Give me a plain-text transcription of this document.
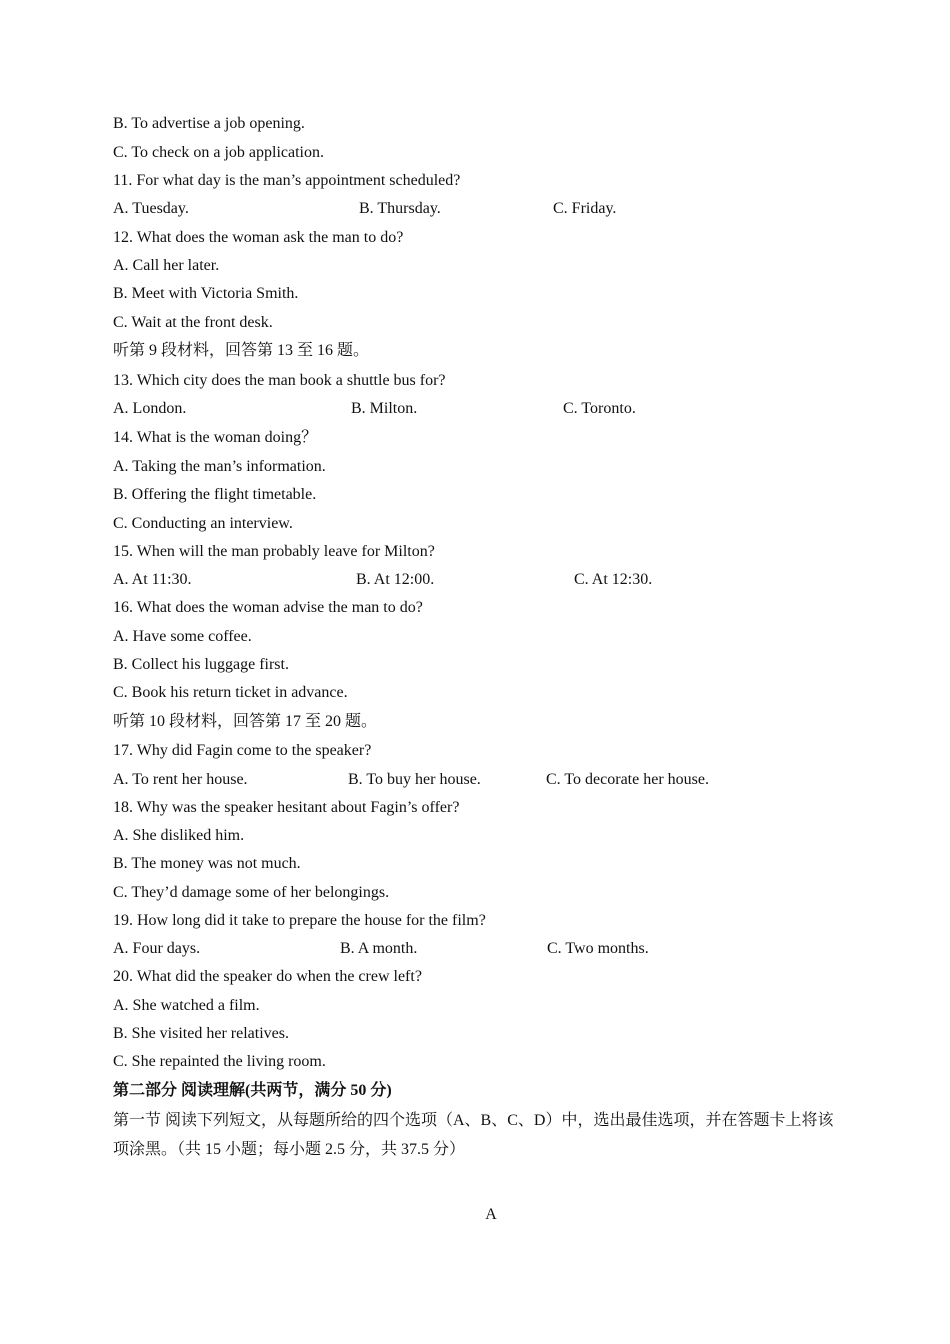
B. To advertise a job opening.
C. To check on a job application.
11. For what day is the man’s appointment scheduled?
A. Tuesday.	B. Thursday.	C. Friday.
12. What does the woman ask the man to do?
A. Call her later.
B. Meet with Victoria Smith.
C. Wait at the front desk.
听第 9 段材料，回答第 13 至 16 题。
13. Which city does the man book a shuttle bus for?
A. London.	B. Milton.	C. Toronto.
14. What is the woman doing？
A. Taking the man’s information.
B. Offering the flight timetable.
C. Conducting an interview.
15. When will the man probably leave for Milton?
A. At 11:30.	B. At 12:00.	C. At 12:30.
16. What does the woman advise the man to do?
A. Have some coffee.
B. Collect his luggage first.
C. Book his return ticket in advance.
听第 10 段材料，回答第 17 至 20 题。
17. Why did Fagin come to the speaker?
A. To rent her house.	B. To buy her house.	C. To decorate her house.
18. Why was the speaker hesitant about Fagin’s offer?
A. She disliked him.
B. The money was not much.
C. They’d damage some of her belongings.
19. How long did it take to prepare the house for the film?
A. Four days.	B. A month.	C. Two months.
20. What did the speaker do when the crew left?
A. She watched a film.
B. She visited her relatives.
C. She repainted the living room.
第二部分 阅读理解(共两节，满分 50 分)
第一节 阅读下列短文，从每题所给的四个选项（A、B、C、D）中，选出最佳选项，并在答题卡上将该项涂黑。（共 15 小题；每小题 2.5 分，共 37.5 分）
A
